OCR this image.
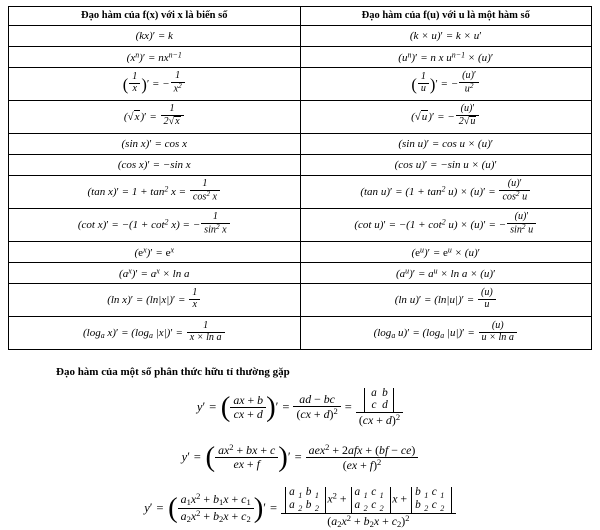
Đạo hàm của f(x) với x là biến số	Đạo hàm của f(u) với u là một hàm số
(kx)′ = k	(k × u)′ = k × u′
$(x^n)' = nx^{n-1}$	$(u^n)' = n$ x $u^{n-1} \times (u)'$
( $\frac{1}{x}$ )′ = − $\frac{1}{x^2}$	( $\frac{1}{u}$ )′ = − $\frac{(u)'}{u^2}$

$(√x)' = \frac{1}{2√x}$	(√u)′ = − $\frac{(u)'}{2√u}$

(sin x)′ = cos x	(sin u)′ = cos u × (u)′
(cos x)′ = −sin x	(cos u)′ = −sin u × (u)′
(tan $x)' = 1 + \tan^2 x = \frac{1}{\cos^2 x}$	(tan $u)' = (1 + \tan^2 u) \times (u)' = \frac{(u)'}{\cos^2 u}$

(cot $x)' = -(1 + \cot^2 x)$ = − $\frac{1}{\sin^2 x}$	(cot $u)' = -(1 + \cot^2 u) \times (u)'$ = − $\frac{(u)'}{\sin^2 u}$

$(e^x)' = e^x$	$(e^u)' = e^u \times (u)'$
$(a^x)' = a^x \times \ln a$	$(a^u)' = a^u \times \ln a \times (u)'$
(ln $x)' = (\ln|x|)' = \frac{1}{x}$	(ln $u)' = (\ln|u|)' = \frac{(u)}{u}$

($\log_a$ $x)' = (\log_a$ $|x|)' = \frac{1}{\text{x × ln a}}$	($\log_a$ $u)' = (\log_a$ $|u|)' = \frac{(u)}{\text{u × ln a}}$
Đạo hàm của một số phân thức hữu tỉ thường gặp
y′ = ( $\frac{ax + b}{cx + d}$ ) ′ = $\frac{ad - bc}{(cx + d)^2} = a$ b
c d
(cx + d)$^2$
y′ = ( $\frac{ax^2 + bx + c}{ex + f}$ ) ′ = $\frac{aex^2 + 2afx + (bf - ce)}{(ex + f)^2}$
y′ = ( $\frac{a_1x^2 + b_1x + c_1}{a_2x^2 + b_2x + c_2}$ ) ′ = a 1 b 1
a 2 b 2
$x^2 + a$ 1 c 1
a 2 c 2
x + b 1 c 1
b 2 c 2
$(a_2x^2 + b_2x + c_2)^2$
